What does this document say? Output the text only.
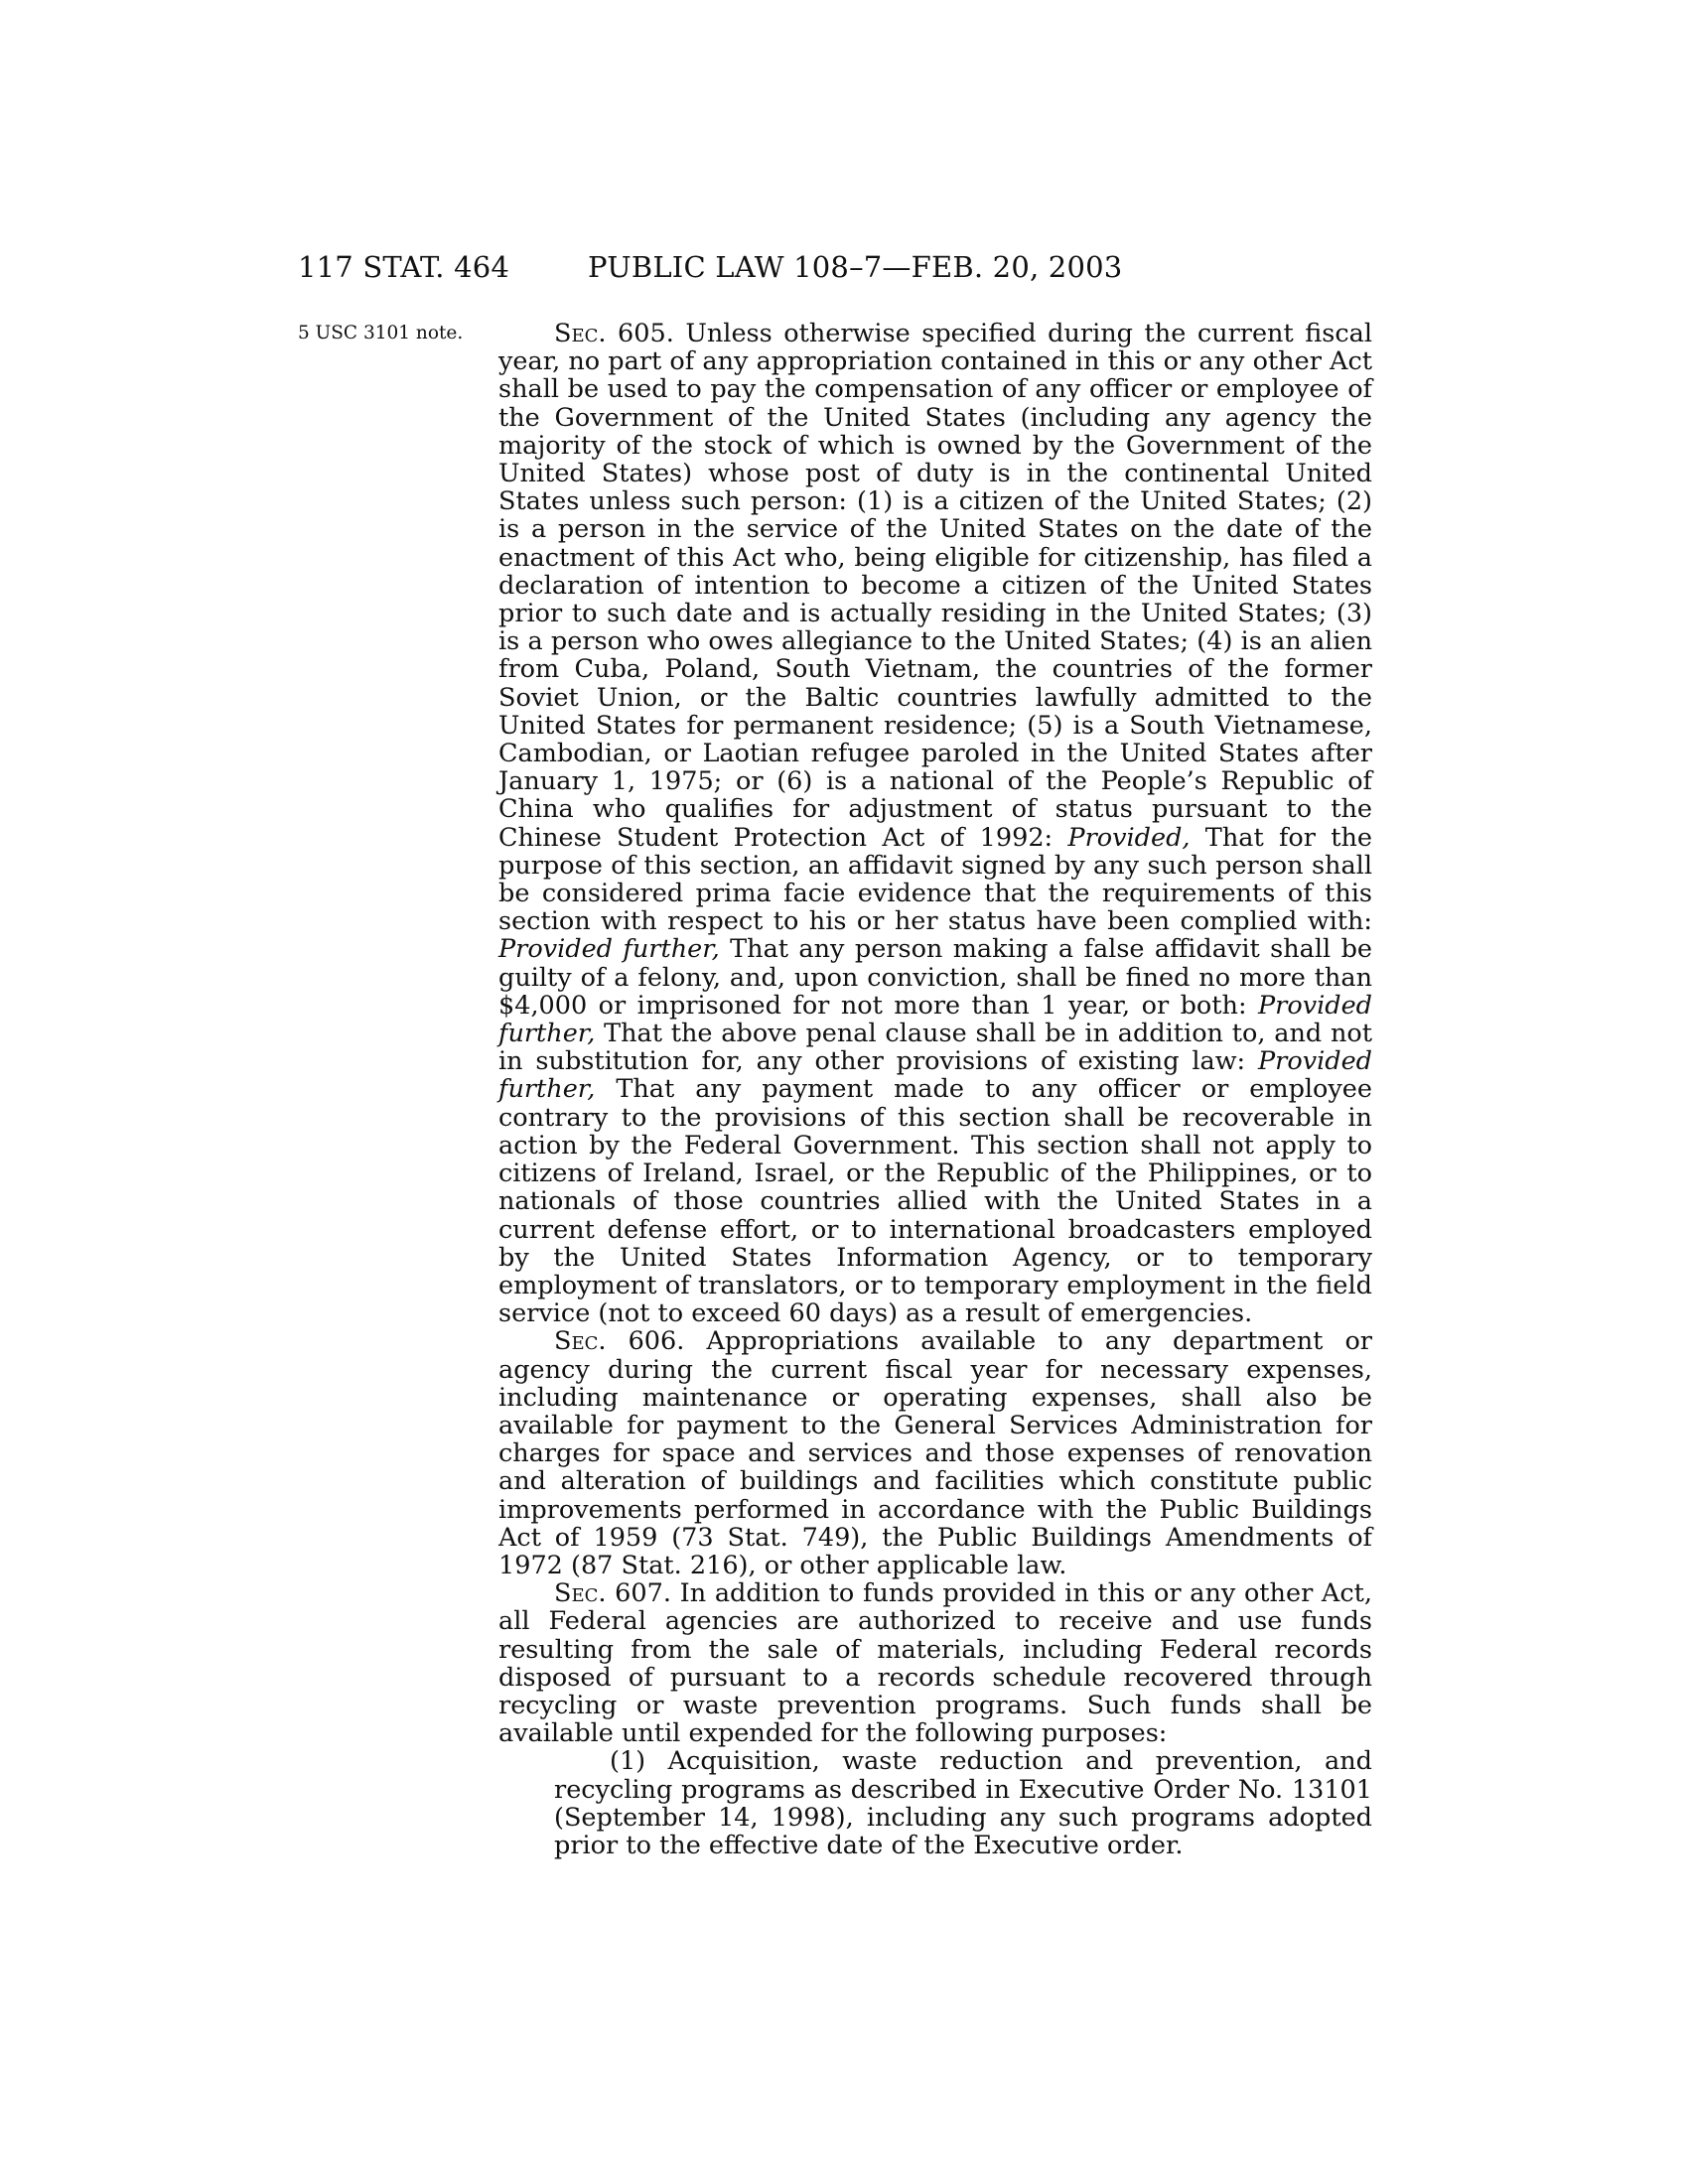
117 STAT. 464	PUBLIC LAW 108–7—FEB. 20, 2003
5 USC 3101 note.	Sec. 605. Unless otherwise specified during the current fiscal year, no part of any appropriation contained in this or any other Act shall be used to pay the compensation of any officer or employee of the Government of the United States (including any agency the majority of the stock of which is owned by the Government of the United States) whose post of duty is in the continental United States unless such person: (1) is a citizen of the United States; (2) is a person in the service of the United States on the date of the enactment of this Act who, being eligible for citizenship, has filed a declaration of intention to become a citizen of the United States prior to such date and is actually residing in the United States; (3) is a person who owes allegiance to the United States; (4) is an alien from Cuba, Poland, South Vietnam, the countries of the former Soviet Union, or the Baltic countries lawfully admitted to the United States for permanent residence; (5) is a South Vietnamese, Cambodian, or Laotian refugee paroled in the United States after January 1, 1975; or (6) is a national of the People’s Republic of China who qualifies for adjustment of status pursuant to the Chinese Student Protection Act of 1992: Provided, That for the purpose of this section, an affidavit signed by any such person shall be considered prima facie evidence that the requirements of this section with respect to his or her status have been complied with: Provided further, That any person making a false affidavit shall be guilty of a felony, and, upon conviction, shall be fined no more than $4,000 or imprisoned for not more than 1 year, or both: Provided further, That the above penal clause shall be in addition to, and not in substitution for, any other provisions of existing law: Provided further, That any payment made to any officer or employee contrary to the provisions of this section shall be recoverable in action by the Federal Government. This section shall not apply to citizens of Ireland, Israel, or the Republic of the Philippines, or to nationals of those countries allied with the United States in a current defense effort, or to international broadcasters employed by the United States Information Agency, or to temporary employment of translators, or to temporary employment in the field service (not to exceed 60 days) as a result of emergencies.

Sec. 606. Appropriations available to any department or agency during the current fiscal year for necessary expenses, including maintenance or operating expenses, shall also be available for payment to the General Services Administration for charges for space and services and those expenses of renovation and alteration of buildings and facilities which constitute public improvements performed in accordance with the Public Buildings Act of 1959 (73 Stat. 749), the Public Buildings Amendments of 1972 (87 Stat. 216), or other applicable law.

Sec. 607. In addition to funds provided in this or any other Act, all Federal agencies are authorized to receive and use funds resulting from the sale of materials, including Federal records disposed of pursuant to a records schedule recovered through recycling or waste prevention programs. Such funds shall be available until expended for the following purposes:

(1) Acquisition, waste reduction and prevention, and recycling programs as described in Executive Order No. 13101 (September 14, 1998), including any such programs adopted prior to the effective date of the Executive order.
